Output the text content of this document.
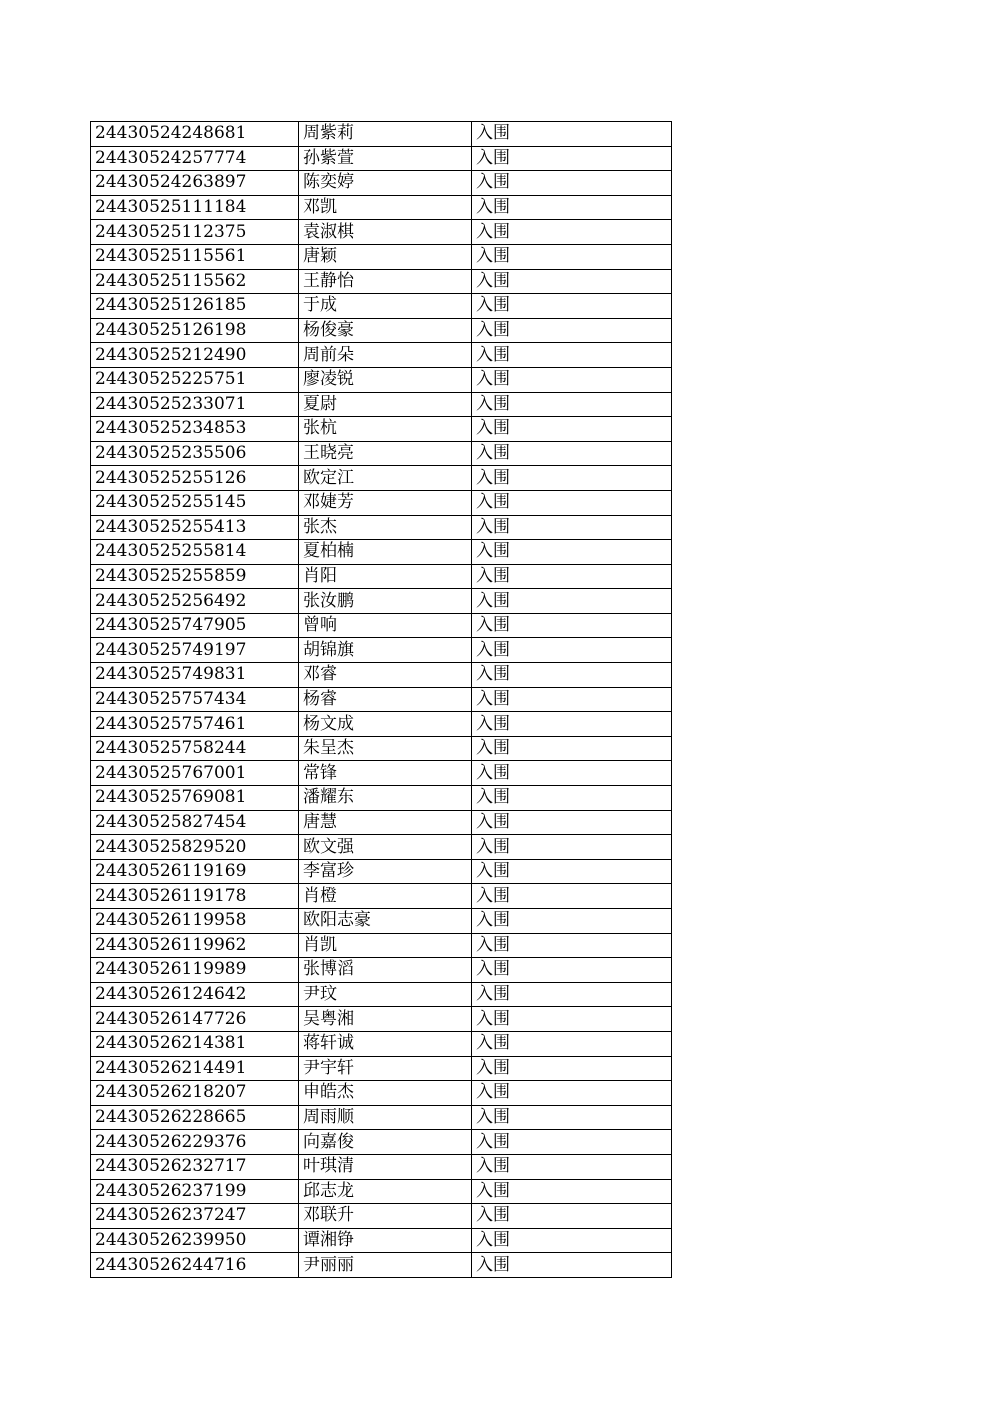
24430524248681	周紫莉	入围
24430524257774	孙紫萱	入围
24430524263897	陈奕婷	入围
24430525111184	邓凯	入围
24430525112375	袁淑棋	入围
24430525115561	唐颖	入围
24430525115562	王静怡	入围
24430525126185	于成	入围
24430525126198	杨俊豪	入围
24430525212490	周前朵	入围
24430525225751	廖凌锐	入围
24430525233071	夏尉	入围
24430525234853	张杭	入围
24430525235506	王晓亮	入围
24430525255126	欧定江	入围
24430525255145	邓婕芳	入围
24430525255413	张杰	入围
24430525255814	夏柏楠	入围
24430525255859	肖阳	入围
24430525256492	张汝鹏	入围
24430525747905	曾响	入围
24430525749197	胡锦旗	入围
24430525749831	邓睿	入围
24430525757434	杨睿	入围
24430525757461	杨文成	入围
24430525758244	朱呈杰	入围
24430525767001	常锋	入围
24430525769081	潘耀东	入围
24430525827454	唐慧	入围
24430525829520	欧文强	入围
24430526119169	李富珍	入围
24430526119178	肖橙	入围
24430526119958	欧阳志豪	入围
24430526119962	肖凯	入围
24430526119989	张博滔	入围
24430526124642	尹玟	入围
24430526147726	吴粤湘	入围
24430526214381	蒋轩诚	入围
24430526214491	尹宇轩	入围
24430526218207	申皓杰	入围
24430526228665	周雨顺	入围
24430526229376	向嘉俊	入围
24430526232717	叶琪清	入围
24430526237199	邱志龙	入围
24430526237247	邓联升	入围
24430526239950	谭湘铮	入围
24430526244716	尹丽丽	入围
